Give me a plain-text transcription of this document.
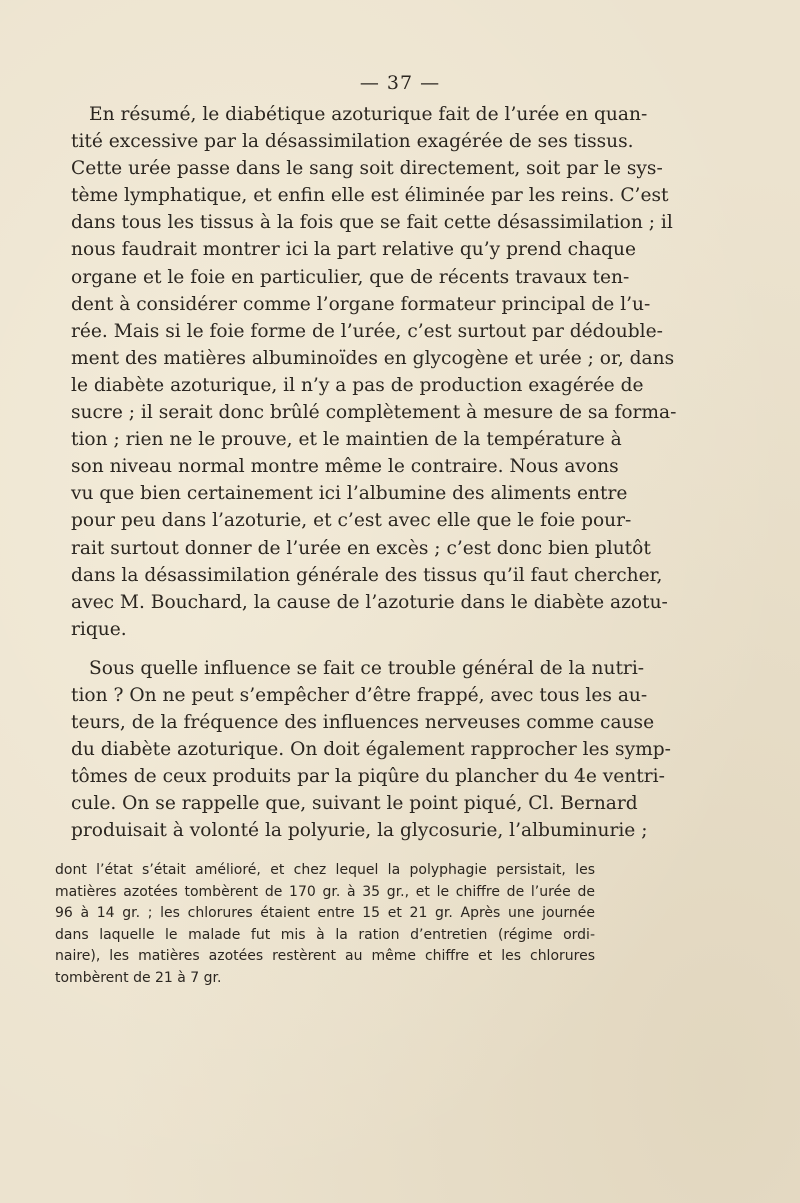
— 37 —

En résumé, le diabétique azoturique fait de l’urée en quan-
tité excessive par la désassimilation exagérée de ses tissus.
Cette urée passe dans le sang soit directement, soit par le sys-
tème lymphatique, et enfin elle est éliminée par les reins. C’est
dans tous les tissus à la fois que se fait cette désassimilation ; il
nous faudrait montrer ici la part relative qu’y prend chaque
organe et le foie en particulier, que de récents travaux ten-
dent à considérer comme l’organe formateur principal de l’u-
rée. Mais si le foie forme de l’urée, c’est surtout par dédouble-
ment des matières albuminoïdes en glycogène et urée ; or, dans
le diabète azoturique, il n’y a pas de production exagérée de
sucre ; il serait donc brûlé complètement à mesure de sa forma-
tion ; rien ne le prouve, et le maintien de la température à
son niveau normal montre même le contraire. Nous avons
vu que bien certainement ici l’albumine des aliments entre
pour peu dans l’azoturie, et c’est avec elle que le foie pour-
rait surtout donner de l’urée en excès ; c’est donc bien plutôt
dans la désassimilation générale des tissus qu’il faut chercher,
avec M. Bouchard, la cause de l’azoturie dans le diabète azotu-
rique.

Sous quelle influence se fait ce trouble général de la nutri-
tion ? On ne peut s’empêcher d’être frappé, avec tous les au-
teurs, de la fréquence des influences nerveuses comme cause
du diabète azoturique. On doit également rapprocher les symp-
tômes de ceux produits par la piqûre du plancher du 4e ventri-
cule. On se rappelle que, suivant le point piqué, Cl. Bernard
produisait à volonté la polyurie, la glycosurie, l’albuminurie ;

dont l’état s’était amélioré, et chez lequel la polyphagie persistait, les
matières azotées tombèrent de 170 gr. à 35 gr., et le chiffre de l’urée de
96 à 14 gr. ; les chlorures étaient entre 15 et 21 gr. Après une journée
dans laquelle le malade fut mis à la ration d’entretien (régime ordi-
naire), les matières azotées restèrent au même chiffre et les chlorures
tombèrent de 21 à 7 gr.
